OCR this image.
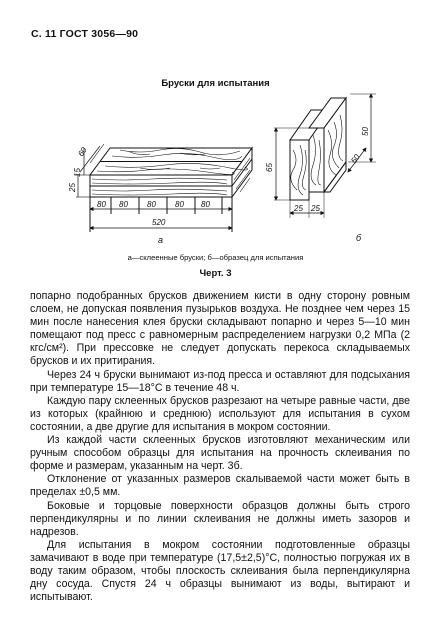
С. 11 ГОСТ 3056—90
Бруски для испытания
60
15
25
80 80 80 80 80
520
а
65
50
50
25 25
б
а—склеенные бруски; б—образец для испытания
Черт. 3

попарно подобранных брусков движением кисти в одну сторону ровным слоем, не допуская появления пузырьков воздуха. Не позднее чем через 15 мин после нанесения клея бруски складывают попарно и через 5—10 мин помещают под пресс с равномерным распределением нагрузки 0,2 МПа (2 кгс/см²). При прессовке не следует допускать перекоса складываемых брусков и их притирания.

Через 24 ч бруски вынимают из-под пресса и оставляют для подсыхания при температуре 15—18°С в течение 48 ч.

Каждую пару склеенных брусков разрезают на четыре равные части, две из которых (крайнюю и среднюю) используют для испытания в сухом состоянии, а две другие для испытания в мокром состоянии.

Из каждой части склеенных брусков изготовляют механическим или ручным способом образцы для испытания на прочность склеивания по форме и размерам, указанным на черт. 3б.

Отклонение от указанных размеров скалываемой части может быть в пределах ±0,5 мм.

Боковые и торцовые поверхности образцов должны быть строго перпендикулярны и по линии склеивания не должны иметь зазоров и надрезов.

Для испытания в мокром состоянии подготовленные образцы замачивают в воде при температуре (17,5±2,5)°С, полностью погружая их в воду таким образом, чтобы плоскость склеивания была перпендикулярна дну сосуда. Спустя 24 ч образцы вынимают из воды, вытирают и испытывают.
